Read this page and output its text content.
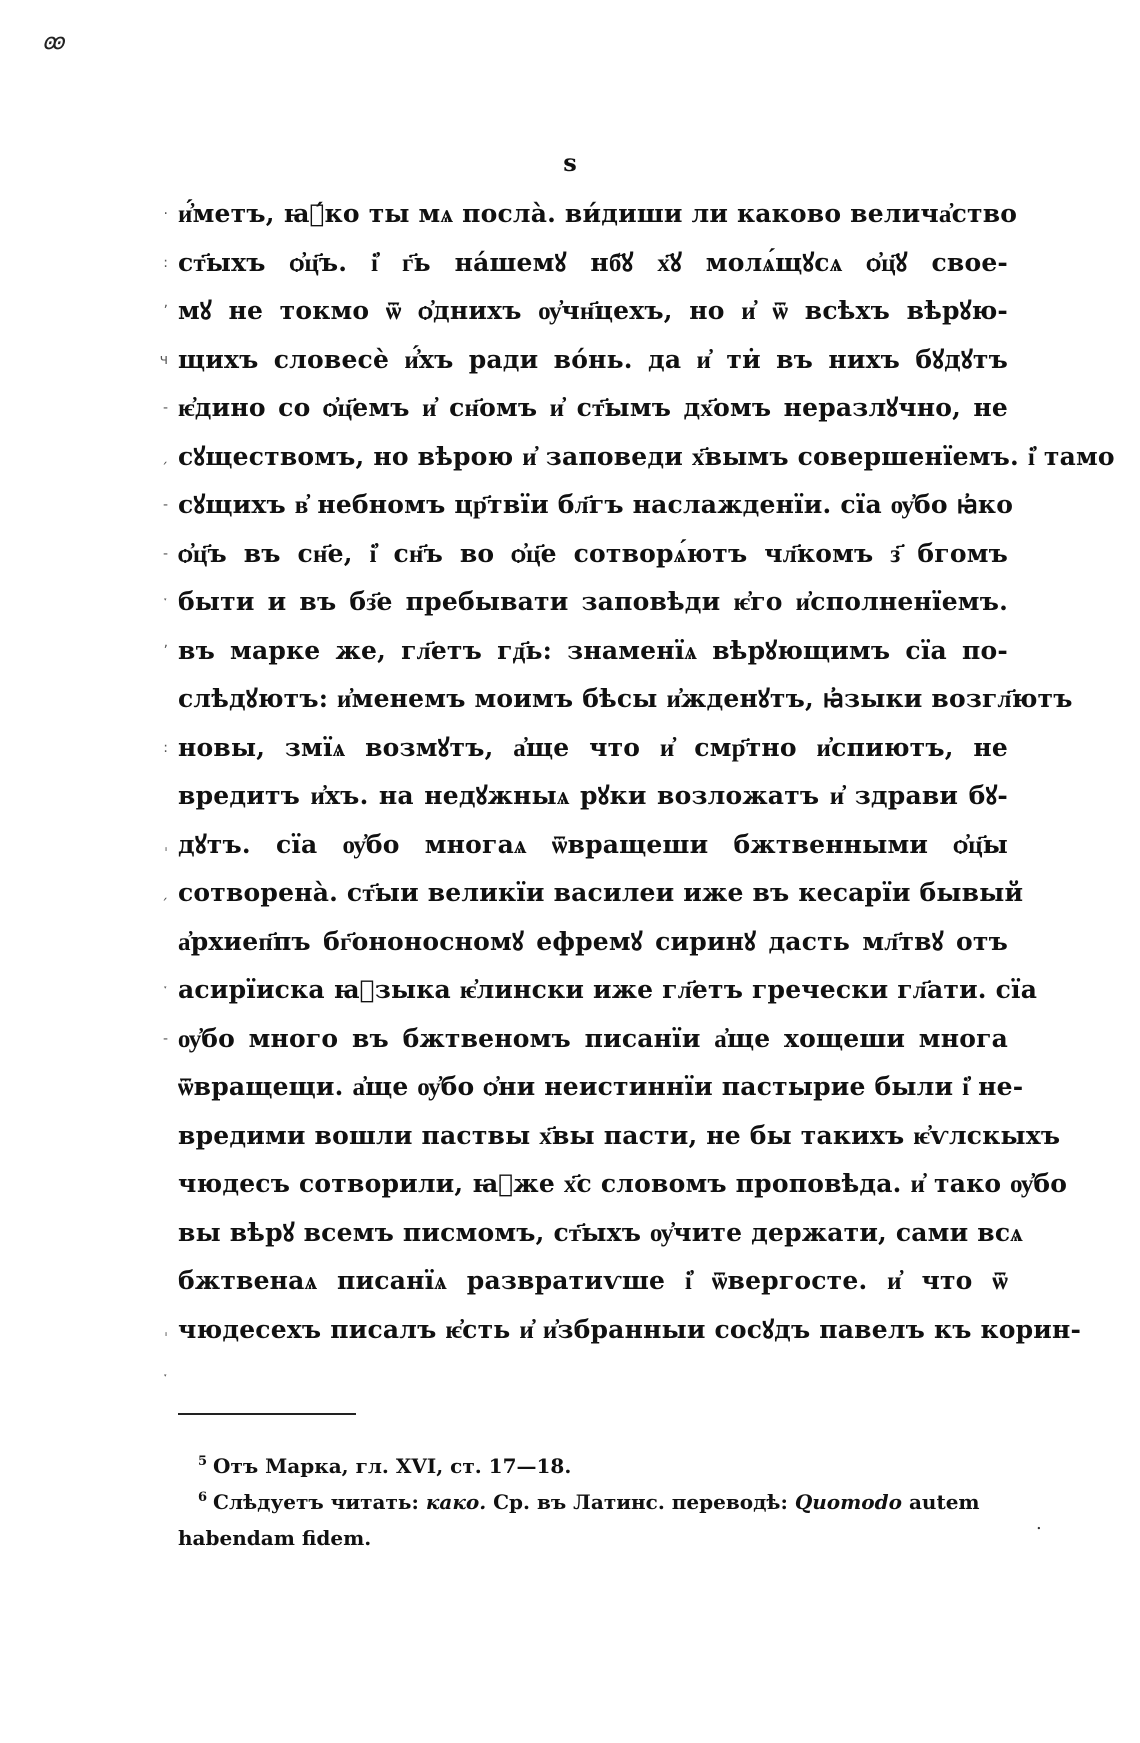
ꙭ
ѕ
·
:
ʼ
ч
-
ˏ
-
-
ˑ
ʼ
:
ˌ
ˏ
ˑ
-
ˌ
ˑ
и҆́метъ, ꙗ҆́ко ты мѧ посла̀. ви́диши ли каково велича҆ство
ст҃ыхъ ѻ҆ц҃ъ. і҆ г҃ь на́шемꙋ нб҃ꙋ х҃ꙋ молѧ́щꙋсѧ ѻ҆ц҃ꙋ свое-
мꙋ не токмо ѿ ѻ҆днихъ ѹ҆чн҃цехъ, но и҆ ѿ всѣхъ вѣрꙋю-
щихъ словесѐ и҆́хъ ради во́нь. да и҆ ти̇ въ нихъ бꙋдꙋтъ
ѥ҆дино со ѻ҆ц҃емъ и҆ сн҃омъ и҆ ст҃ымъ дх҃омъ неразлꙋчно, не
сꙋществомъ, но вѣрою и҆ заповеди х҃вымъ совершенїемъ. і҆ тамо
сꙋщихъ в҆ небномъ цр҃твїи бл҃гъ наслажденїи. сїа ѹ҆бо ꙗ҆ко
ѻ҆ц҃ъ въ сн҃е, і҆ сн҃ъ во ѻ҆ц҃е сотворѧ́ютъ чл҃комъ з҃ бгомъ
быти и въ бз҃е пребывати заповѣди ѥ҆го и҆сполненїемъ.
въ марке же, гл҃етъ гд҃ь: знаменїѧ вѣрꙋющимъ сїа по-
слѣдꙋютъ: и҆менемъ моимъ бѣсы и҆жденꙋтъ, ꙗ҆зыки возгл҃ютъ
новы, змїѧ возмꙋтъ, а҆ще что и҆ смр҃тно и҆спиютъ, не
вредитъ и҆хъ. на недꙋжныѧ рꙋки возложатъ и҆ здрави бꙋ-
дꙋтъ. сїа ѹ҆бо многаѧ ѿвращеши бжтвенными ѻ҆ц҃ы
сотворена̀. ст҃ыи великїи василеи иже въ кесарїи бывый
а҆рхиеп҃пъ бг҃ононосномꙋ ефремꙋ сиринꙋ дасть мл҃твꙋ отъ
асирїиска ꙗ҆зыка ѥ҆лински иже гл҃етъ гречески гл҃ати. сїа
ѹ҆бо много въ бжтвеномъ писанїи а҆ще хощеши многа
ѿвращещи. а҆ще ѹ҆бо ѻ҆ни неистиннїи пастырие были і҆ не-
вредими вошли паствы х҃вы пасти, не бы такихъ ѥ҆ѵлскыхъ
чюдесъ сотворили, ꙗ҆же х҃с словомъ проповѣда. и҆ тако ѹ҆бо
вы вѣрꙋ всемъ писмомъ, ст҃ыхъ ѹ҆чите держати, сами всѧ
бжтвенаѧ писанїѧ развратиѵше і҆ ѿвергосте. и҆ что ѿ
чюдесехъ писалъ ѥ҆сть и҆ и҆збранныи сосꙋдъ павелъ къ корин-
$^5$ Отъ Марка, гл. XVI, ст. 17—18.
$^6$ Слѣдуетъ читать: како. Ср. въ Латинс. переводѣ: Quomodo autem habendam fidem.
.
